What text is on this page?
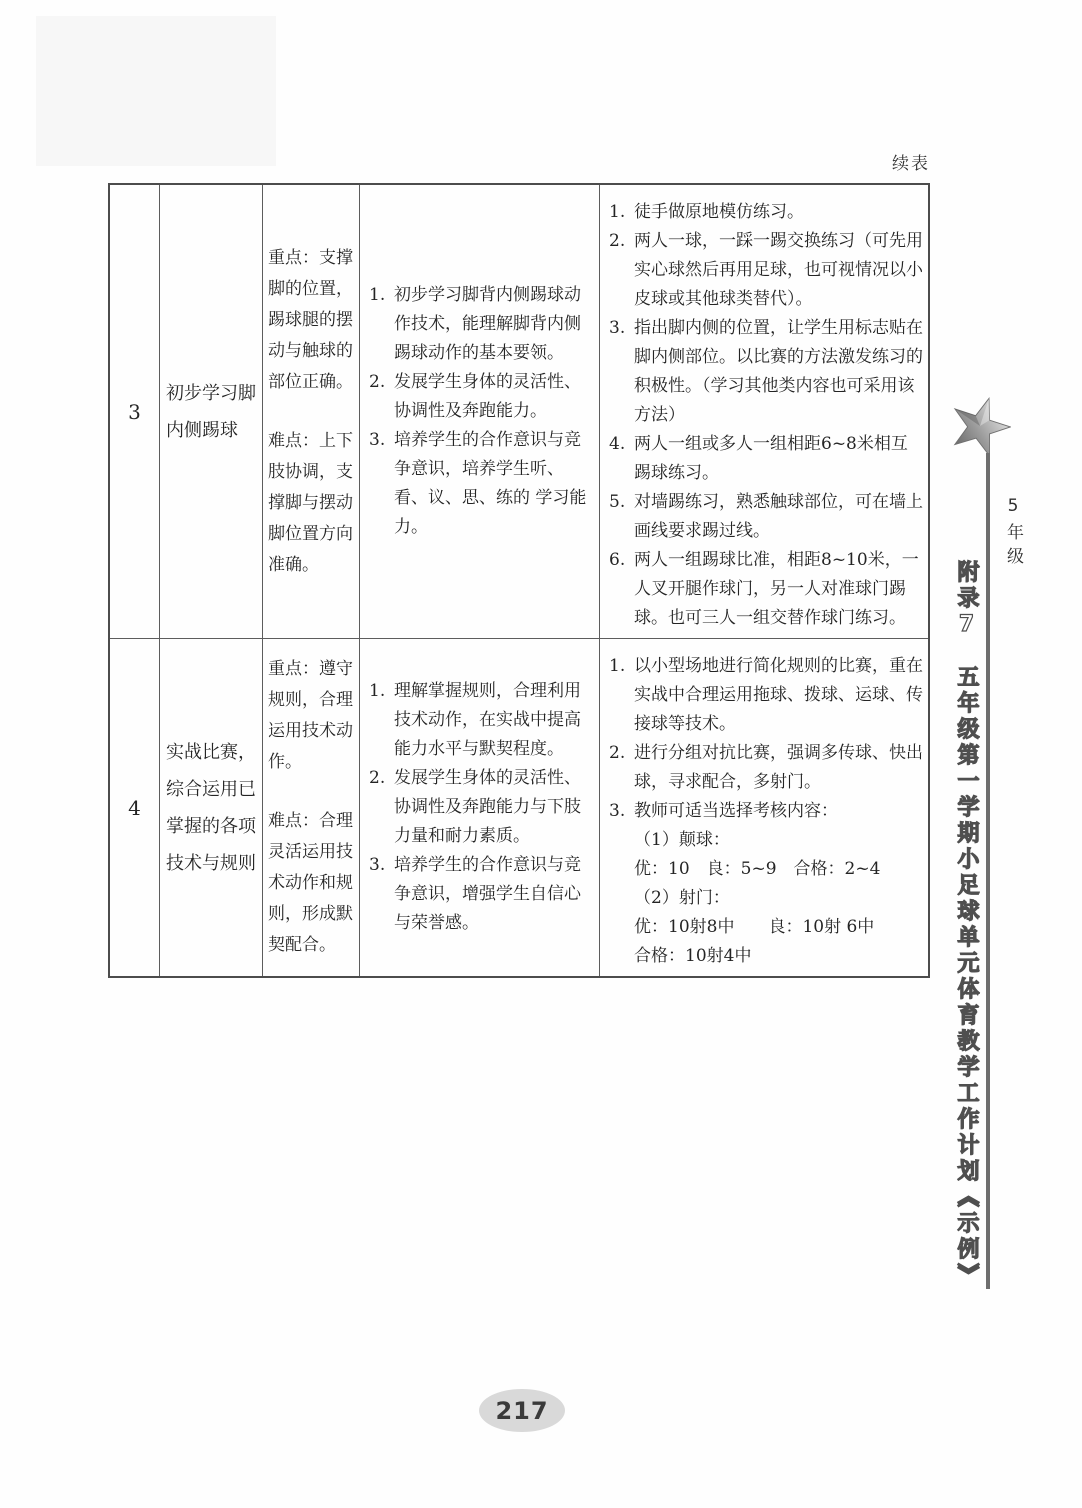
续表
3
初步学习脚内侧踢球
重点：支撑脚的位置，踢球腿的摆动与触球的部位正确。
难点：上下肢协调，支撑脚与摆动脚位置方向准确。
1. 初步学习脚背内侧踢球动作技术，能理解脚背内侧踢球动作的基本要领。
2. 发展学生身体的灵活性、协调性及奔跑能力。
3. 培养学生的合作意识与竞争意识，培养学生听、看、议、思、练的 学习能力。
1. 徒手做原地模仿练习。
2. 两人一球，一踩一踢交换练习（可先用实心球然后再用足球，也可视情况以小皮球或其他球类替代）。
3. 指出脚内侧的位置，让学生用标志贴在脚内侧部位。以比赛的方法激发练习的积极性。（学习其他类内容也可采用该方法）
4. 两人一组或多人一组相距6~8米相互踢球练习。
5. 对墙踢练习，熟悉触球部位，可在墙上画线要求踢过线。
6. 两人一组踢球比准，相距8~10米，一人叉开腿作球门，另一人对准球门踢球。也可三人一组交替作球门练习。
4
实战比赛，综合运用已掌握的各项技术与规则
重点：遵守规则，合理运用技术动作。
难点：合理灵活运用技术动作和规则，形成默契配合。
1. 理解掌握规则，合理利用技术动作，在实战中提高能力水平与默契程度。
2. 发展学生身体的灵活性、协调性及奔跑能力与下肢力量和耐力素质。
3. 培养学生的合作意识与竞争意识，增强学生自信心与荣誉感。
1. 以小型场地进行简化规则的比赛，重在实战中合理运用拖球、拨球、运球、传接球等技术。
2. 进行分组对抗比赛，强调多传球、快出球，寻求配合，多射门。
3. 教师可适当选择考核内容：
（1）颠球：
优：10　良：5~9　合格：2~4
（2）射门：
优：10射8中　　良：10射 6中
合格：10射4中
5年级
附录7五年级第一学期小足球单元体育教学工作计划《示例》
217
